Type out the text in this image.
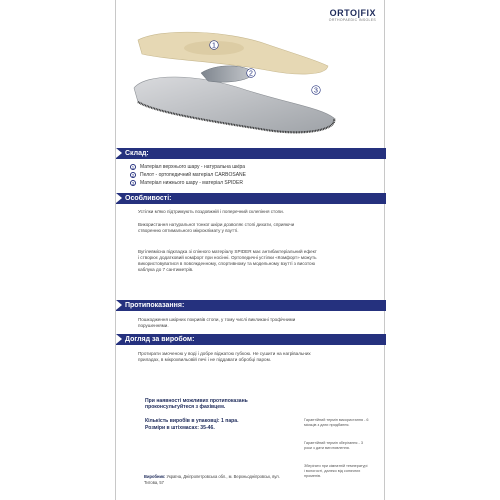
ORTO|FIX
ORTHOPAEDIC INSOLES
1
2
3
Склад:
1	Матеріал верхнього шару - натуральна шкіра
2	Пелот - ортопедичний матеріал CARBOSANE
3	Матеріал нижнього шару - матеріал SPIDER
Особливості:
Устілки м'яко підтримують поздовжній і поперечний склепіння стопи.
Використання натуральної тонкої шкіри дозволяє стопі дихати, сприяючи створенню оптимального мікроклімату у взутті.
Вугілевмісна підкладка зі спінного матеріалу SPIDER має антибактеріальний ефект і створює додатковий комфорт при носінні. Ортопедичні устілки «Комфорт» можуть використовуватися в повсякденному, спортивному та модельному взутті з висотою каблука до 7 сантиметрів.
Протипоказання:
Пошкодження шкірних покривів стопи, у тому числі викликані трофічними порушеннями.
Догляд за виробом:
Протирати змоченою у воді і добре віджатою губкою. Не сушити на нагрівальних приладах, в мікрохвильовій печі і не піддавати обробці паром.
При наявності можливих протипоказань
проконсультуйтеся з фахівцем.
Кількість виробів в упаковці: 1 пара.
Розміри в штіхмасах: 35-46.
Гарантійний термін використання - 6 місяців з дати придбання.
Гарантійний термін зберігання - 3 роки з дати виготовлення.
Зберігати при кімнатній температурі і вологості, далеко від сонячних променів.
Виробник: Україна, Дніпропетровська обл., м. Верхньодніпровськ, вул. Титова, 57
